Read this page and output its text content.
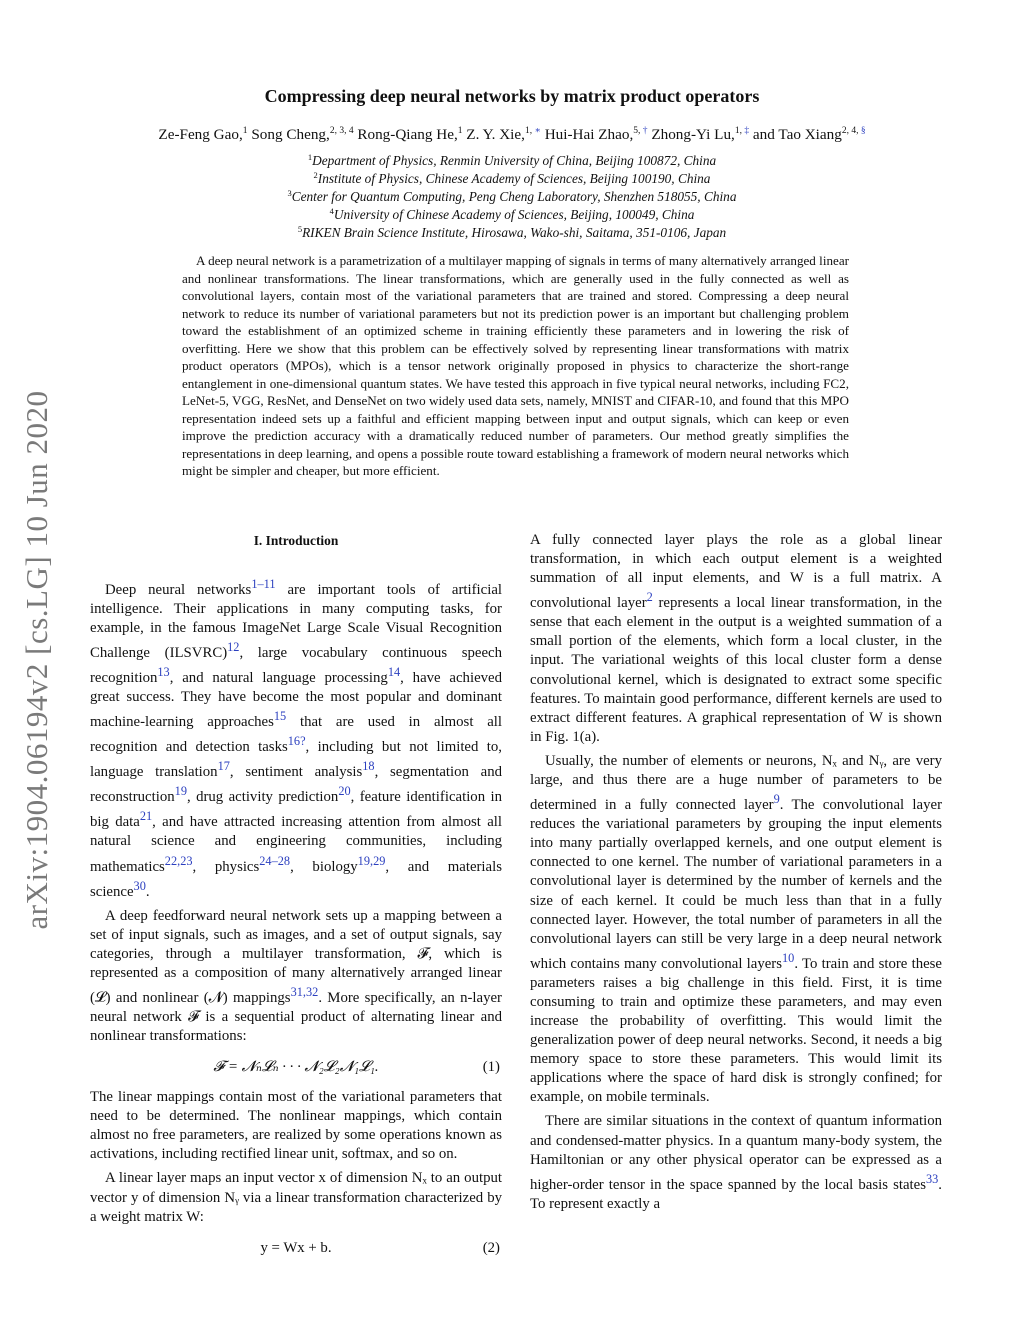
arXiv:1904.06194v2 [cs.LG] 10 Jun 2020
Compressing deep neural networks by matrix product operators
Ze-Feng Gao,$^1$ Song Cheng,$^{2, 3, 4}$ Rong-Qiang He,$^1$ Z. Y. Xie,$^{1, ∗}$ Hui-Hai Zhao,$^{5, \dagger}$ Zhong-Yi Lu,$^{1, \ddagger}$ and Tao Xiang$^{2, 4, \S}$
$^1$Department of Physics, Renmin University of China, Beijing 100872, China
$^2$Institute of Physics, Chinese Academy of Sciences, Beijing 100190, China
$^3$Center for Quantum Computing, Peng Cheng Laboratory, Shenzhen 518055, China
$^4$University of Chinese Academy of Sciences, Beijing, 100049, China
$^5$RIKEN Brain Science Institute, Hirosawa, Wako-shi, Saitama, 351-0106, Japan

A deep neural network is a parametrization of a multilayer mapping of signals in terms of many alternatively arranged linear and nonlinear transformations. The linear transformations, which are generally used in the fully connected as well as convolutional layers, contain most of the variational parameters that are trained and stored. Compressing a deep neural network to reduce its number of variational parameters but not its prediction power is an important but challenging problem toward the establishment of an optimized scheme in training efficiently these parameters and in lowering the risk of overfitting. Here we show that this problem can be effectively solved by representing linear transformations with matrix product operators (MPOs), which is a tensor network originally proposed in physics to characterize the short-range entanglement in one-dimensional quantum states. We have tested this approach in five typical neural networks, including FC2, LeNet-5, VGG, ResNet, and DenseNet on two widely used data sets, namely, MNIST and CIFAR-10, and found that this MPO representation indeed sets up a faithful and efficient mapping between input and output signals, which can keep or even improve the prediction accuracy with a dramatically reduced number of parameters. Our method greatly simplifies the representations in deep learning, and opens a possible route toward establishing a framework of modern neural networks which might be simpler and cheaper, but more efficient.

I. Introduction

Deep neural networks$^{1-11}$ are important tools of artificial intelligence. Their applications in many computing tasks, for example, in the famous ImageNet Large Scale Visual Recognition Challenge (ILSVRC)$^{12}$, large vocabulary continuous speech recognition$^{13}$, and natural language processing$^{14}$, have achieved great success. They have become the most popular and dominant machine-learning approaches$^{15}$ that are used in almost all recognition and detection tasks$^{16?}$, including but not limited to, language translation$^{17}$, sentiment analysis$^{18}$, segmentation and reconstruction$^{19}$, drug activity prediction$^{20}$, feature identification in big data$^{21}$, and have attracted increasing attention from almost all natural science and engineering communities, including mathematics$^{22,23}$, physics$^{24-28}$, biology$^{19,29}$, and materials science$^{30}$.

A deep feedforward neural network sets up a mapping between a set of input signals, such as images, and a set of output signals, say categories, through a multilayer transformation, 𝓕, which is represented as a composition of many alternatively arranged linear (𝓛) and nonlinear (𝓝) mappings$^{31,32}$. More specifically, an n-layer neural network 𝓕 is a sequential product of alternating linear and nonlinear transformations:

𝓕 = 𝓝ₙ𝓛ₙ · · · 𝓝₂𝓛₂𝓝₁𝓛₁.	(1)

The linear mappings contain most of the variational parameters that need to be determined. The nonlinear mappings, which contain almost no free parameters, are realized by some operations known as activations, including rectified linear unit, softmax, and so on.

A linear layer maps an input vector x of dimension Nₓ to an output vector y of dimension Nᵧ via a linear transformation characterized by a weight matrix W:

y = Wx + b.	(2)

A fully connected layer plays the role as a global linear transformation, in which each output element is a weighted summation of all input elements, and W is a full matrix. A convolutional layer$^2$ represents a local linear transformation, in the sense that each element in the output is a weighted summation of a small portion of the elements, which form a local cluster, in the input. The variational weights of this local cluster form a dense convolutional kernel, which is designated to extract some specific features. To maintain good performance, different kernels are used to extract different features. A graphical representation of W is shown in Fig. 1(a).

Usually, the number of elements or neurons, Nₓ and Nᵧ, are very large, and thus there are a huge number of parameters to be determined in a fully connected layer$^9$. The convolutional layer reduces the variational parameters by grouping the input elements into many partially overlapped kernels, and one output element is connected to one kernel. The number of variational parameters in a convolutional layer is determined by the number of kernels and the size of each kernel. It could be much less than that in a fully connected layer. However, the total number of parameters in all the convolutional layers can still be very large in a deep neural network which contains many convolutional layers$^{10}$. To train and store these parameters raises a big challenge in this field. First, it is time consuming to train and optimize these parameters, and may even increase the probability of overfitting. This would limit the generalization power of deep neural networks. Second, it needs a big memory space to store these parameters. This would limit its applications where the space of hard disk is strongly confined; for example, on mobile terminals.

There are similar situations in the context of quantum information and condensed-matter physics. In a quantum many-body system, the Hamiltonian or any other physical operator can be expressed as a higher-order tensor in the space spanned by the local basis states$^{33}$. To represent exactly a
